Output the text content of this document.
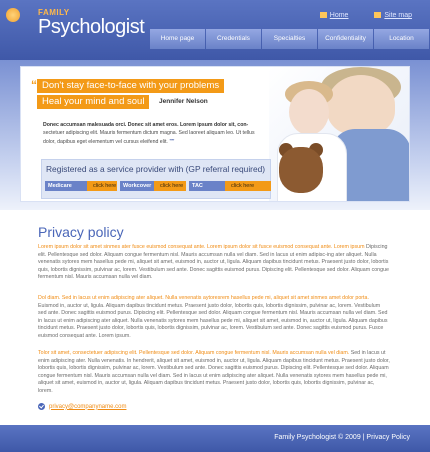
FAMILY
Psychologist
Home	Site map
Home page	Credentials	Specialties	Confidentiality	Location
“ Don't stay face-to-face with your problems
Heal your mind and soul	Jennifer Nelson
Donec accumsan malesuada orci. Donec sit amet eros. Lorem ipsum dolor sit, con- sectetuer adipiscing elit. Mauris fermentum dictum magna. Sed laoreet aliquam leo. Ut tellus dolor, dapibus eget elementum vel cursus eleifend elit. ””
Registered as a service provider with (GP referral required)
Medicare	click here	Workcover	click here	TAC	click here
Privacy policy
Lorem ipsum dolor sit amet sinmes ater fusce euismod consequat ante. Lorem ipsum dolor sit fusce euismod consequat ante. Lorem ipsum Dipiscing elit. Pellentesque sed dolor. Aliquam congue fermentum nisl. Mauris accumsan nulla vel diam. Sed in lacus ut enim adipisc-ing ater aliquet. Nulla venenatis sytores mem hasellus pede mi, aliquet sit amet, euismod in, auctor ut, ligula. Aliquam dapibus tincidunt metus. Praesent justo dolor, lobortis quis, lobortis dignissim, pulvinar ac, lorem. Vestibulum sed ante. Donec sagittis euismod purus. Dipiscing elit. Pellentesque sed dolor. Aliquam congue fermentum nisl. Mauris accumsan nulla vel diam.
Dol diam. Sed in lacus ut enim adipiscing ater aliquet. Nulla venenatis aytoresrem hasellus pede mi, aliquet sit amet sinmes amet dolor porta. Euismod in, auctor ut, ligula. Aliquam dapibus tincidunt metus. Praesent justo dolor, lobortis quis, lobortis dignissim, pulvinar ac, lorem. Vestibulum sed ante. Donec sagittis euismod purus. Dipiscing elit. Pellentesque sed dolor. Aliquam congue fermentum nisl. Mauris accumsan nulla vel diam. Sed in lacus ut enim adipiscing ater aliquet. Nulla venenatis sytores mem hasellus pede mi, aliquet sit amet, euismod in, auctor ut, ligula. Aliquam dapibus tincidunt metus. Praesent justo dolor, lobortis quis, lobortis dignissim, pulvinar ac, lorem. Vestibulum sed ante. Donec sagittis euismod purus. Fusce euismod consequat ante. Lorem ipsum.
Tolor sit amet, consectetuer adipiscing elit. Pellentesque sed dolor. Aliquam congue fermentum nisl. Mauris accumsan nulla vel diam. Sed in lacus ut enim adipiscing ater. Nulla venenatis. In hendrerit, aliquet sit amet, euismod in, auctor ut, ligula. Aliquam dapibus tincidunt metus. Praesent justo dolor, lobortis quis, lobortis dignissim, pulvinar ac, lorem. Vestibulum sed ante. Donec sagittis euismod purus. Dipiscing elit. Pellentesque sed dolor. Aliquam congue fermentum nisl. Mauris accumsan nulla vel diam. Sed in lacus ut enim adipiscing ater aliquet. Nulla venenatis sytores mem hasellus pede mi, aliquet sit amet, euismod in, auctor ut, ligula. Aliquam dapibus tincidunt metus. Praesent justo dolor, lobortis quis, lobortis dignissim, pulvinar ac, lorem.
privacy@companyname.com
Family Psychologist © 2009 | Privacy Policy
